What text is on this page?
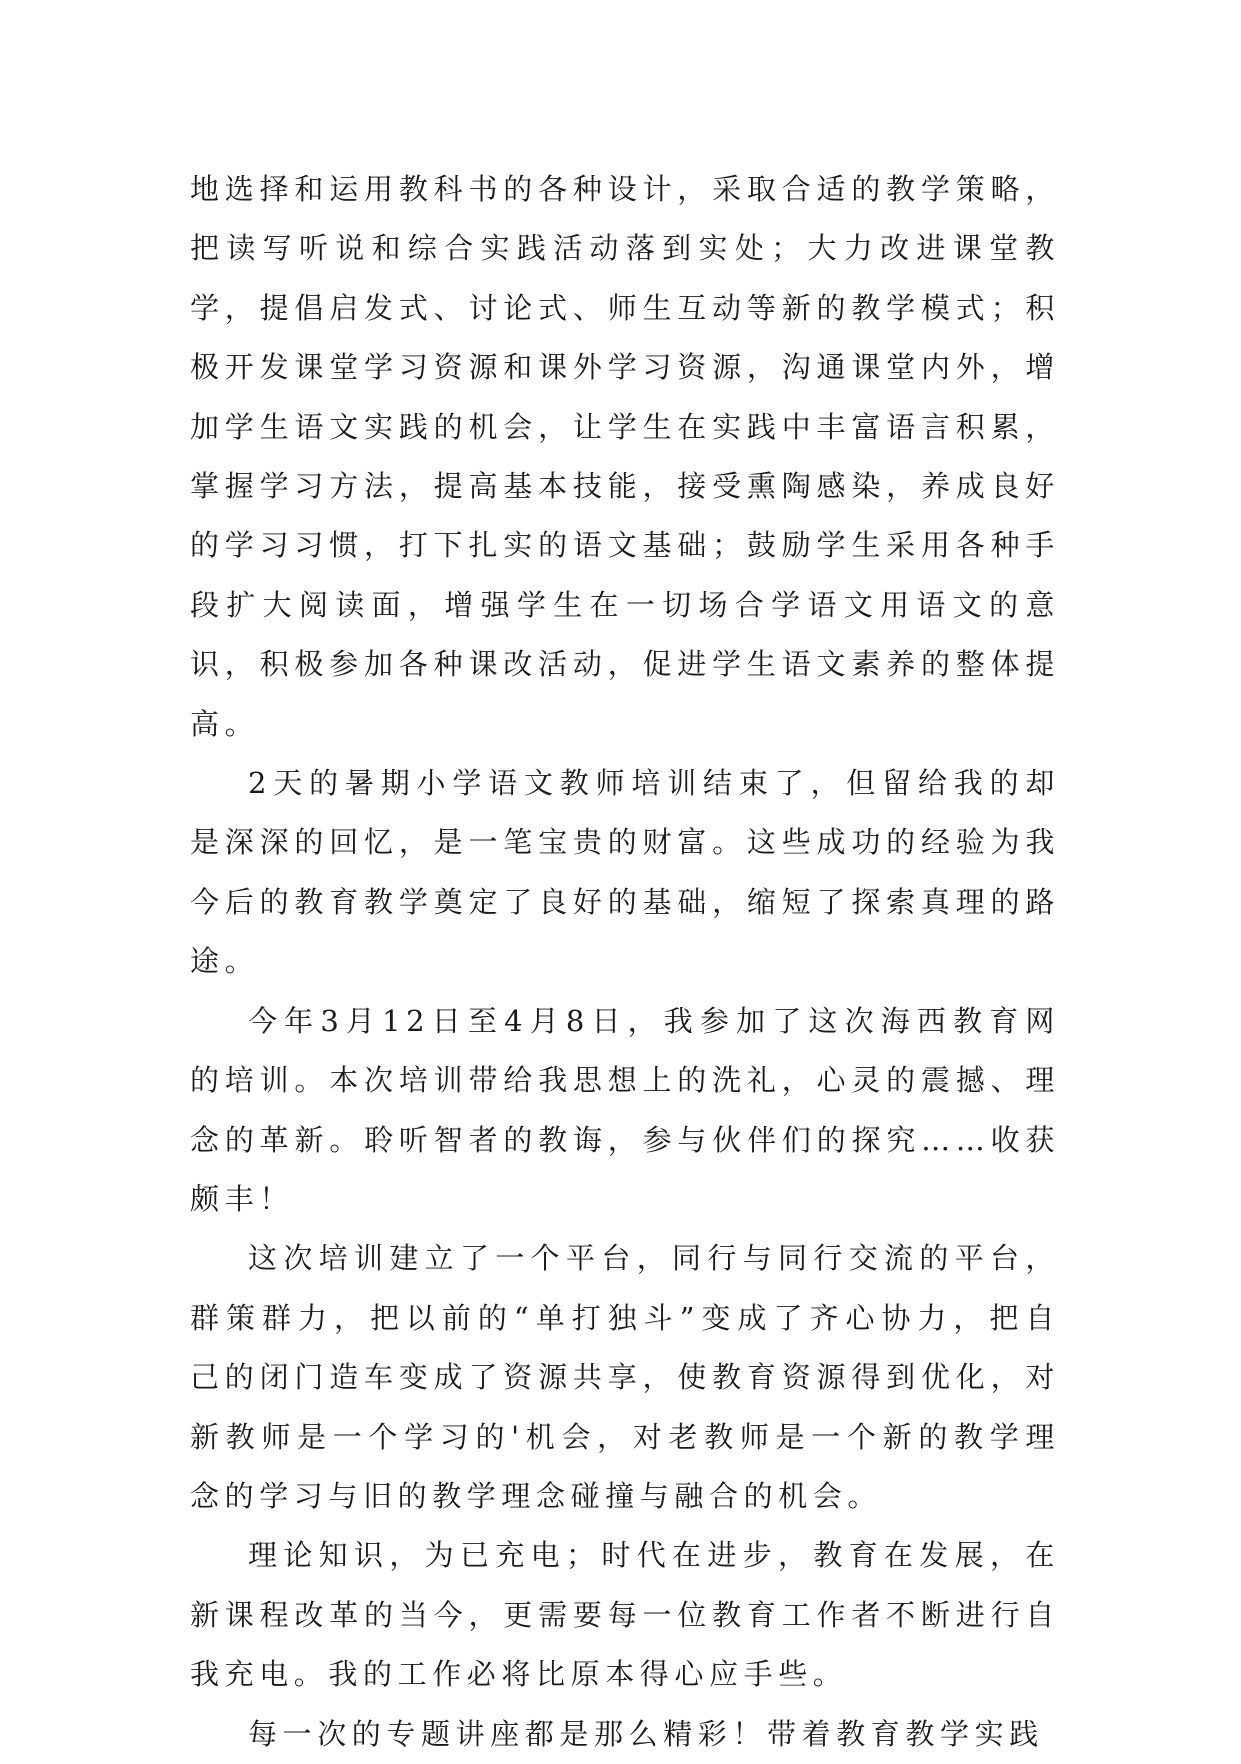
地选择和运用教科书的各种设计，采取合适的教学策略，把读写听说和综合实践活动落到实处；大力改进课堂教学，提倡启发式、讨论式、师生互动等新的教学模式；积极开发课堂学习资源和课外学习资源，沟通课堂内外，增加学生语文实践的机会，让学生在实践中丰富语言积累，掌握学习方法，提高基本技能，接受熏陶感染，养成良好的学习习惯，打下扎实的语文基础；鼓励学生采用各种手段扩大阅读面，增强学生在一切场合学语文用语文的意识，积极参加各种课改活动，促进学生语文素养的整体提高。

2天的暑期小学语文教师培训结束了，但留给我的却是深深的回忆，是一笔宝贵的财富。这些成功的经验为我今后的教育教学奠定了良好的基础，缩短了探索真理的路途。

今年3月12日至4月8日，我参加了这次海西教育网的培训。本次培训带给我思想上的洗礼，心灵的震撼、理念的革新。聆听智者的教诲，参与伙伴们的探究……收获颇丰！

这次培训建立了一个平台，同行与同行交流的平台，群策群力，把以前的“单打独斗”变成了齐心协力，把自己的闭门造车变成了资源共享，使教育资源得到优化，对新教师是一个学习的'机会，对老教师是一个新的教学理念的学习与旧的教学理念碰撞与融合的机会。

理论知识，为已充电；时代在进步，教育在发展，在新课程改革的当今，更需要每一位教育工作者不断进行自我充电。我的工作必将比原本得心应手些。

每一次的专题讲座都是那么精彩！带着教育教学实践
